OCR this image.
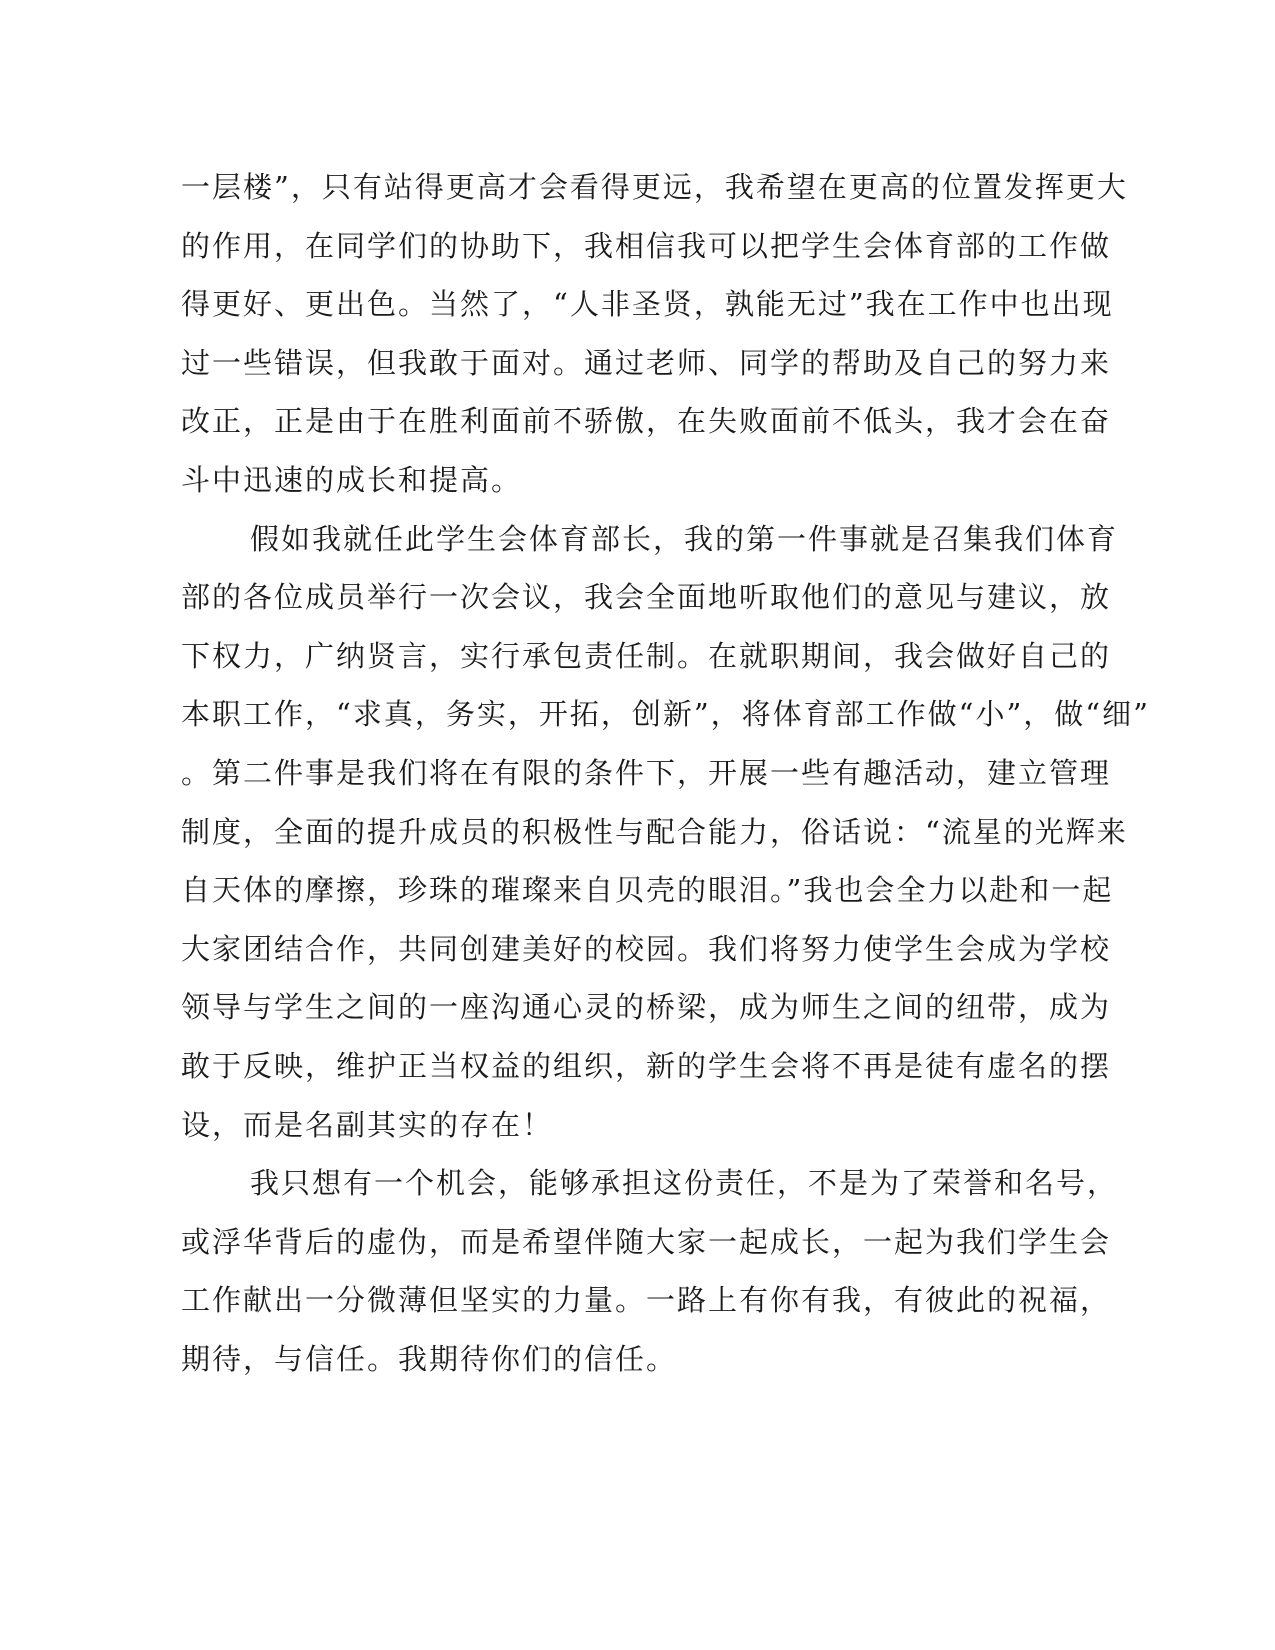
一层楼”，只有站得更高才会看得更远，我希望在更高的位置发挥更大
的作用，在同学们的协助下，我相信我可以把学生会体育部的工作做
得更好、更出色。当然了，“人非圣贤，孰能无过”我在工作中也出现
过一些错误，但我敢于面对。通过老师、同学的帮助及自己的努力来
改正，正是由于在胜利面前不骄傲，在失败面前不低头，我才会在奋
斗中迅速的成长和提高。
假如我就任此学生会体育部长，我的第一件事就是召集我们体育
部的各位成员举行一次会议，我会全面地听取他们的意见与建议，放
下权力，广纳贤言，实行承包责任制。在就职期间，我会做好自己的
本职工作，“求真，务实，开拓，创新”，将体育部工作做“小”，做“细”
。第二件事是我们将在有限的条件下，开展一些有趣活动，建立管理
制度，全面的提升成员的积极性与配合能力，俗话说：“流星的光辉来
自天体的摩擦，珍珠的璀璨来自贝壳的眼泪。”我也会全力以赴和一起
大家团结合作，共同创建美好的校园。我们将努力使学生会成为学校
领导与学生之间的一座沟通心灵的桥梁，成为师生之间的纽带，成为
敢于反映，维护正当权益的组织，新的学生会将不再是徒有虚名的摆
设，而是名副其实的存在！
我只想有一个机会，能够承担这份责任，不是为了荣誉和名号，
或浮华背后的虚伪，而是希望伴随大家一起成长，一起为我们学生会
工作献出一分微薄但坚实的力量。一路上有你有我，有彼此的祝福，
期待，与信任。我期待你们的信任。
